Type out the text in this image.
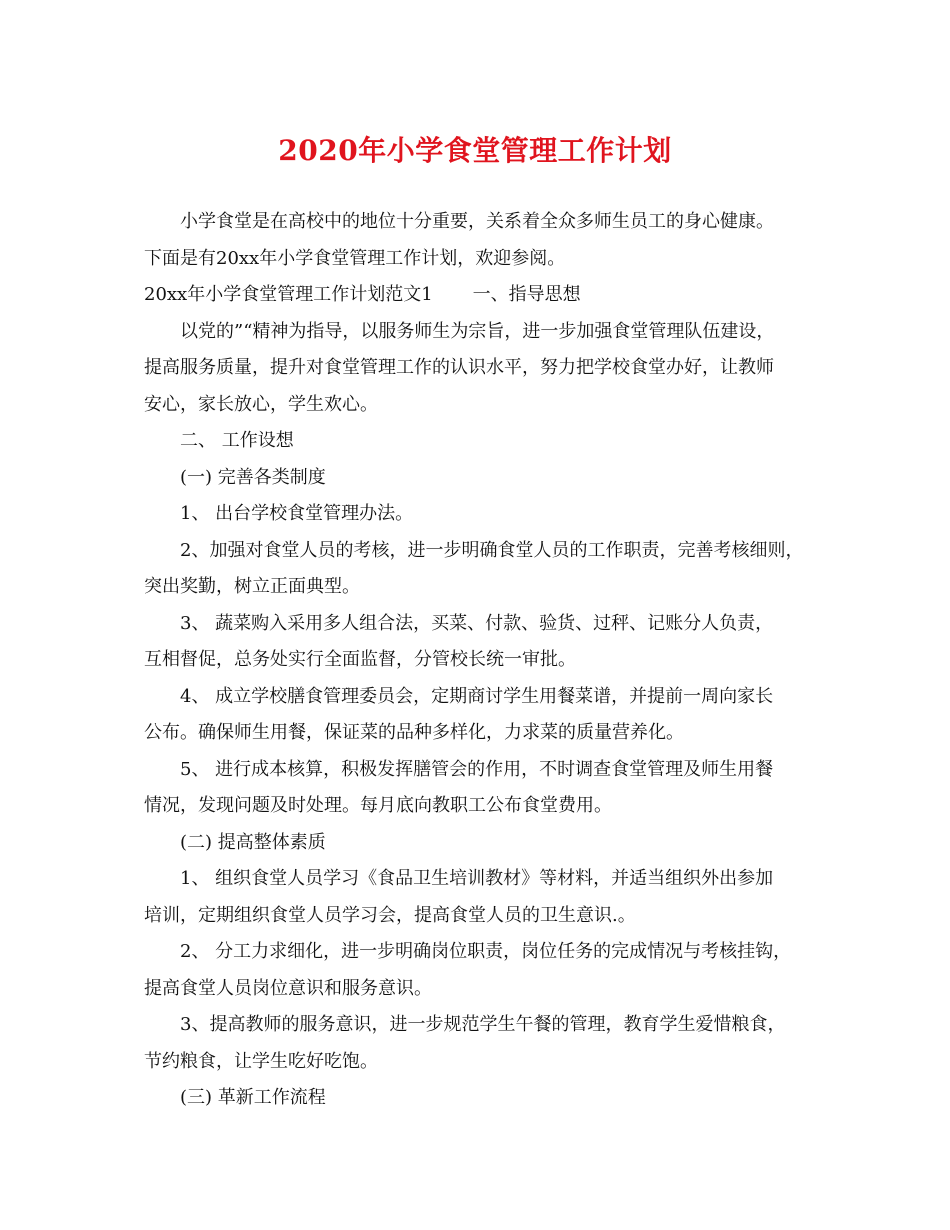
2020年小学食堂管理工作计划

小学食堂是在高校中的地位十分重要，关系着全众多师生员工的身心健康。

下面是有20xx年小学食堂管理工作计划，欢迎参阅。

20xx年小学食堂管理工作计划范文1 一、指导思想

以党的”“精神为指导，以服务师生为宗旨，进一步加强食堂管理队伍建设，

提高服务质量，提升对食堂管理工作的认识水平，努力把学校食堂办好，让教师

安心，家长放心，学生欢心。

二、 工作设想

(一) 完善各类制度

1、 出台学校食堂管理办法。

2、加强对食堂人员的考核，进一步明确食堂人员的工作职责，完善考核细则，

突出奖勤，树立正面典型。

3、 蔬菜购入采用多人组合法，买菜、付款、验货、过秤、记账分人负责，

互相督促，总务处实行全面监督，分管校长统一审批。

4、 成立学校膳食管理委员会，定期商讨学生用餐菜谱，并提前一周向家长

公布。确保师生用餐，保证菜的品种多样化，力求菜的质量营养化。

5、 进行成本核算，积极发挥膳管会的作用，不时调查食堂管理及师生用餐

情况，发现问题及时处理。每月底向教职工公布食堂费用。

(二) 提高整体素质

1、 组织食堂人员学习《食品卫生培训教材》等材料，并适当组织外出参加

培训，定期组织食堂人员学习会，提高食堂人员的卫生意识.。

2、 分工力求细化，进一步明确岗位职责，岗位任务的完成情况与考核挂钩，

提高食堂人员岗位意识和服务意识。

3、提高教师的服务意识，进一步规范学生午餐的管理，教育学生爱惜粮食，

节约粮食，让学生吃好吃饱。

(三) 革新工作流程
